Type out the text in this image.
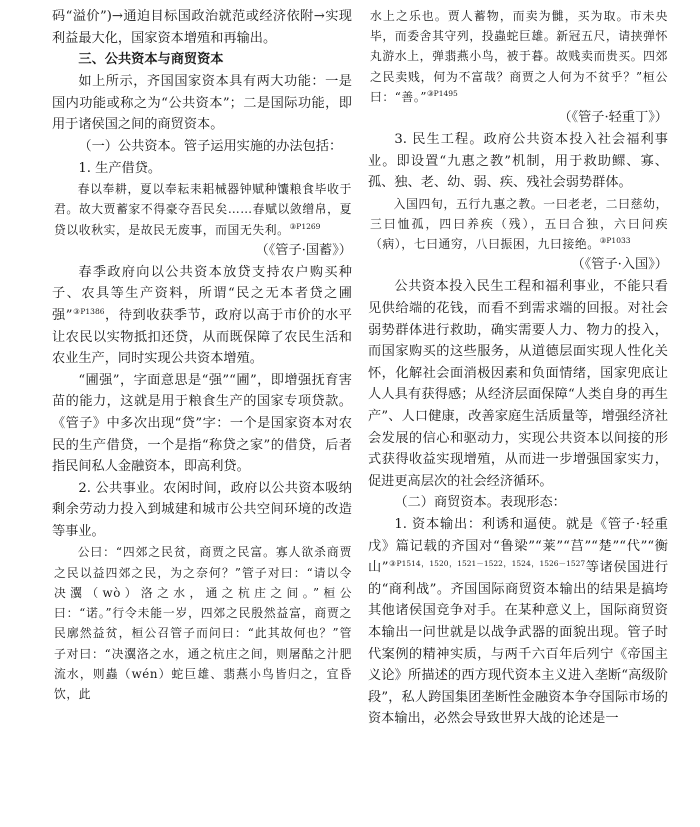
码“溢价”)→通迫目标国政治就范或经济依附→实现利益最大化，国家资本增殖和再输出。

三、公共资本与商贸资本

如上所示，齐国国家资本具有两大功能：一是国内功能或称之为“公共资本”；二是国际功能，即用于诸侯国之间的商贸资本。

（一）公共资本。管子运用实施的办法包括：

1. 生产借贷。

春以奉耕，夏以奉耘耒耜械器钟赋种馕粮食毕收于君。故大贾蓄家不得豪夺吾民矣……春赋以敛缯帛，夏贷以收秋实，是故民无废事，而国无失利。$^{③P1269}$

（《管子·国蓄》）

春季政府向以公共资本放贷支持农户购买种子、农具等生产资料，所谓“民之无本者贷之圃强”$^{③P1386}$，待到收获季节，政府以高于市价的水平让农民以实物抵扣还贷，从而既保障了农民生活和农业生产，同时实现公共资本增殖。

“圃强”，字面意思是“强”“圃”，即增强抚育害苗的能力，这就是用于粮食生产的国家专项贷款。《管子》中多次出现“贷”字：一个是国家资本对农民的生产借贷，一个是指“称贷之家”的借贷，后者指民间私人金融资本，即高利贷。

2. 公共事业。农闲时间，政府以公共资本吸纳剩余劳动力投入到城建和城市公共空间环境的改造等事业。

公曰：“四郊之民贫，商贾之民富。寡人欲杀商贾之民以益四郊之民，为之奈何？”管子对曰：“请以令决瀷（wò）洛之水，通之杭庄之间。”桓公曰：“诺。”行令未能一岁，四郊之民殷然益富，商贾之民廓然益贫，桓公召管子而问曰：“此其故何也？”管子对曰：“决瀷洛之水，通之杭庄之间，则屠酤之汁肥流水，则蟲（wén）蛇巨雄、翡燕小鸟皆归之，宜昏饮，此

水上之乐也。贾人蓄物，而卖为雠，买为取。市未央毕，而委舍其守列，投蟲蛇巨雄。新冠五尺，请挟弹怀丸游水上，弹翡燕小鸟，被于暮。故贱卖而贵买。四郊之民卖贱，何为不富哉？商贾之人何为不贫乎？”桓公曰：“善。”$^{③P1495}$

（《管子·轻重丁》）

3. 民生工程。政府公共资本投入社会福利事业。即设置“九惠之教”机制，用于救助鳏、寡、孤、独、老、幼、弱、疾、残社会弱势群体。

入国四旬，五行九惠之教。一曰老老，二曰慈幼，三曰恤孤，四曰养疾（残），五曰合独，六曰问疾（病），七曰通穷，八曰振困，九曰接绝。$^{③P1033}$

（《管子·入国》）

公共资本投入民生工程和福利事业，不能只看见供给端的花钱，而看不到需求端的回报。对社会弱势群体进行救助，确实需要人力、物力的投入，而国家购买的这些服务，从道德层面实现人性化关怀，化解社会面消极因素和负面情绪，国家兜底让人人具有获得感；从经济层面保障“人类自身的再生产”、人口健康，改善家庭生活质量等，增强经济社会发展的信心和驱动力，实现公共资本以间接的形式获得收益实现增殖，从而进一步增强国家实力，促进更高层次的社会经济循环。

（二）商贸资本。表现形态：

1. 资本输出：利诱和逼使。就是《管子·轻重戊》篇记载的齐国对“鲁梁”“莱”“莒”“楚”“代”“衡山”$^{③P1514,1520,1521-1522,1524,1526-1527}$等诸侯国进行的“商利战”。齐国国际商贸资本输出的结果是搞垮其他诸侯国竞争对手。在某种意义上，国际商贸资本输出一问世就是以战争武器的面貌出现。管子时代案例的精神实质，与两千六百年后列宁《帝国主义论》所描述的西方现代资本主义进入垄断“高级阶段”，私人跨国集团垄断性金融资本争夺国际市场的资本输出，必然会导致世界大战的论述是一
